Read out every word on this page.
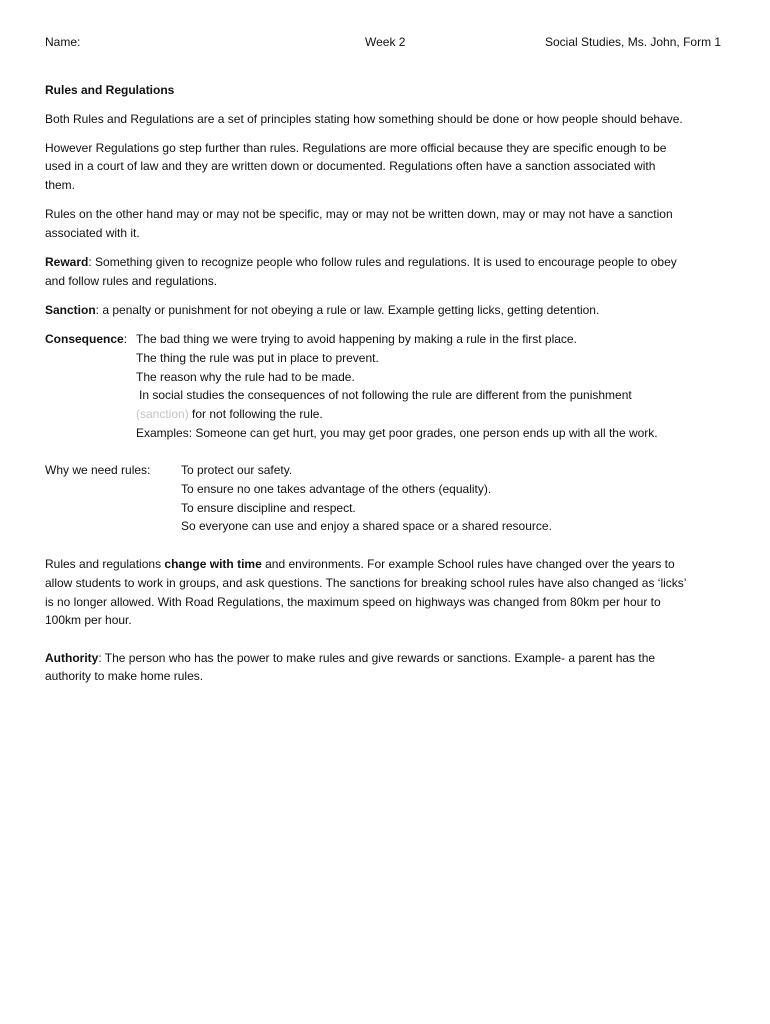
Name:	Week 2	Social Studies, Ms. John, Form 1
Rules and Regulations
Both Rules and Regulations are a set of principles stating how something should be done or how people should behave.
However Regulations go step further than rules. Regulations are more official because they are specific enough to be
used in a court of law and they are written down or documented. Regulations often have a sanction associated with
them.
Rules on the other hand may or may not be specific, may or may not be written down, may or may not have a sanction
associated with it.
Reward: Something given to recognize people who follow rules and regulations. It is used to encourage people to obey
and follow rules and regulations.
Sanction: a penalty or punishment for not obeying a rule or law. Example getting licks, getting detention.
Consequence: The bad thing we were trying to avoid happening by making a rule in the first place.
The thing the rule was put in place to prevent.
The reason why the rule had to be made.
In social studies the consequences of not following the rule are different from the punishment
(sanction) for not following the rule.
Examples: Someone can get hurt, you may get poor grades, one person ends up with all the work.
Why we need rules:	To protect our safety.
To ensure no one takes advantage of the others (equality).
To ensure discipline and respect.
So everyone can use and enjoy a shared space or a shared resource.
Rules and regulations change with time and environments. For example School rules have changed over the years to
allow students to work in groups, and ask questions. The sanctions for breaking school rules have also changed as ‘licks’
is no longer allowed. With Road Regulations, the maximum speed on highways was changed from 80km per hour to
100km per hour.
Authority: The person who has the power to make rules and give rewards or sanctions. Example- a parent has the
authority to make home rules.
